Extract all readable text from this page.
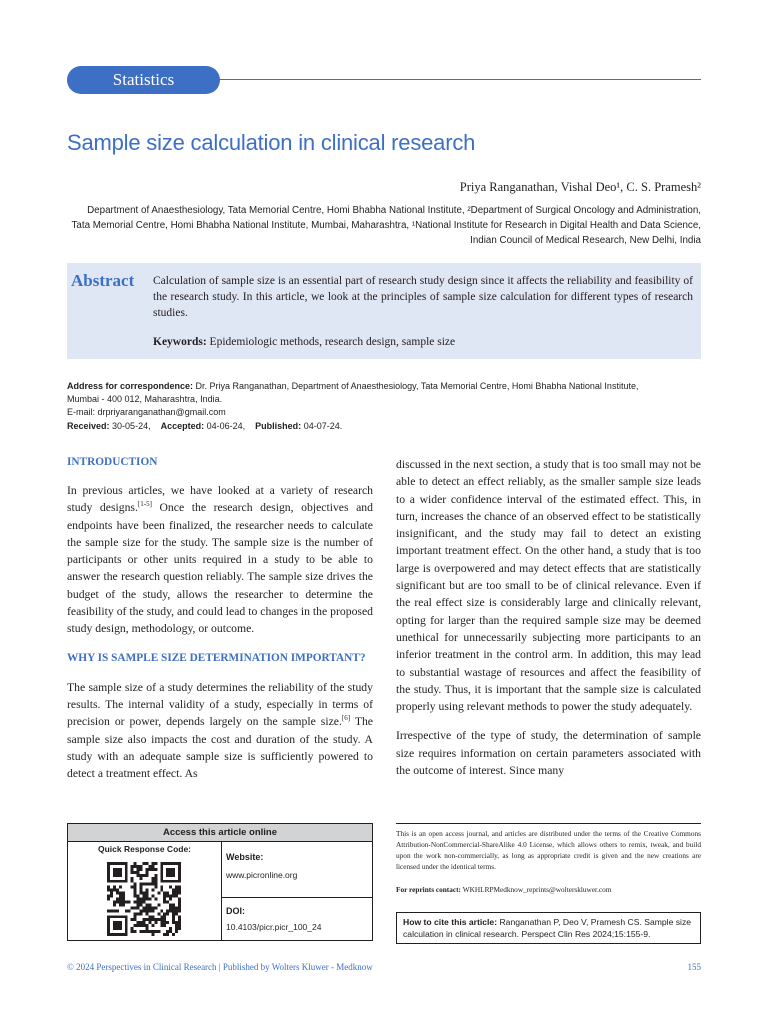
Statistics
Sample size calculation in clinical research
Priya Ranganathan, Vishal Deo¹, C. S. Pramesh²
Department of Anaesthesiology, Tata Memorial Centre, Homi Bhabha National Institute, ²Department of Surgical Oncology and Administration, Tata Memorial Centre, Homi Bhabha National Institute, Mumbai, Maharashtra, ¹National Institute for Research in Digital Health and Data Science, Indian Council of Medical Research, New Delhi, India
Abstract Calculation of sample size is an essential part of research study design since it affects the reliability and feasibility of the research study. In this article, we look at the principles of sample size calculation for different types of research studies.
Keywords: Epidemiologic methods, research design, sample size
Address for correspondence: Dr. Priya Ranganathan, Department of Anaesthesiology, Tata Memorial Centre, Homi Bhabha National Institute,
Mumbai - 400 012, Maharashtra, India.
E-mail: drpriyaranganathan@gmail.com
Received: 30-05-24, Accepted: 04-06-24, Published: 04-07-24.

INTRODUCTION

In previous articles, we have looked at a variety of research study designs.[1-5] Once the research design, objectives and endpoints have been finalized, the researcher needs to calculate the sample size for the study. The sample size is the number of participants or other units required in a study to be able to answer the research question reliably. The sample size drives the budget of the study, allows the researcher to determine the feasibility of the study, and could lead to changes in the proposed study design, methodology, or outcome.

WHY IS SAMPLE SIZE DETERMINATION IMPORTANT?

The sample size of a study determines the reliability of the study results. The internal validity of a study, especially in terms of precision or power, depends largely on the sample size.[6] The sample size also impacts the cost and duration of the study. A study with an adequate sample size is sufficiently powered to detect a treatment effect. As

discussed in the next section, a study that is too small may not be able to detect an effect reliably, as the smaller sample size leads to a wider confidence interval of the estimated effect. This, in turn, increases the chance of an observed effect to be statistically insignificant, and the study may fail to detect an existing important treatment effect. On the other hand, a study that is too large is overpowered and may detect effects that are statistically significant but are too small to be of clinical relevance. Even if the real effect size is considerably large and clinically relevant, opting for larger than the required sample size may be deemed unethical for unnecessarily subjecting more participants to an inferior treatment in the control arm. In addition, this may lead to substantial wastage of resources and affect the feasibility of the study. Thus, it is important that the sample size is calculated properly using relevant methods to power the study adequately.

Irrespective of the type of study, the determination of sample size requires information on certain parameters associated with the outcome of interest. Since many

Access this article online
Quick Response Code:
Website:
www.picronline.org
DOI:
10.4103/picr.picr_100_24
This is an open access journal, and articles are distributed under the terms of the Creative Commons Attribution-NonCommercial-ShareAlike 4.0 License, which allows others to remix, tweak, and build upon the work non-commercially, as long as appropriate credit is given and the new creations are licensed under the identical terms.
For reprints contact: WKHLRPMedknow_reprints@wolterskluwer.com
How to cite this article: Ranganathan P, Deo V, Pramesh CS. Sample size calculation in clinical research. Perspect Clin Res 2024;15:155-9.
© 2024 Perspectives in Clinical Research | Published by Wolters Kluwer - Medknow	155
